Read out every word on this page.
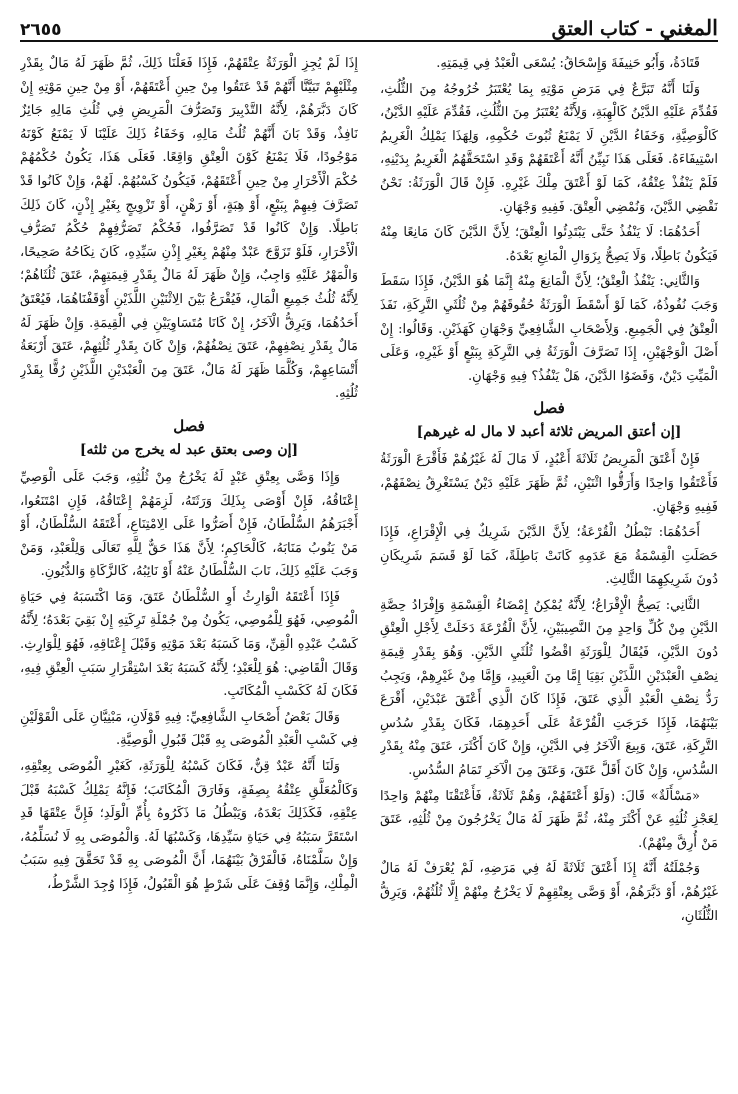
المغني - كتاب العتق
٢٦٥٥

قَتَادَةُ، وَأَبُو حَنِيفَةَ وَإِسْحَاقُ: يُسْعَى الْعَبْدُ فِي قِيمَتِهِ.

وَلَنَا أَنَّهُ تَبَرَّعٌ فِي مَرَضِ مَوْتِهِ بِمَا يُعْتَبَرُ خُرُوجُهُ مِنَ الثُّلُثِ، فَقُدِّمَ عَلَيْهِ الدَّيْنُ كَالْهِبَةِ، وَلِأَنَّهُ يُعْتَبَرُ مِنَ الثُّلُثِ، فَقُدِّمَ عَلَيْهِ الدَّيْنُ، كَالْوَصِيَّةِ، وَخَفَاءُ الدَّيْنِ لَا يَمْنَعُ ثُبُوتَ حُكْمِهِ، وَلِهَذَا يَمْلِكُ الْغَرِيمُ اسْتِيفَاءَهُ. فَعَلَى هَذَا نَبِيِّنُ أَنَّهُ أَعْتَقَهُمْ وَقَدِ اسْتَحَقَّهُمُ الْغَرِيمُ بِدَيْنِهِ، فَلَمْ يَنْفُذْ عِتْقُهُ، كَمَا لَوْ أَعْتَقَ مِلْكَ غَيْرِهِ. فَإِنْ قَالَ الْوَرَثَةُ: نَحْنُ نَقْضِي الدَّيْنَ، وَنُمْضِي الْعِتْقَ. فَفِيهِ وَجْهَانِ.

أَحَدُهُمَا: لَا يَنْفُذُ حَتَّى يَبْتَدِئُوا الْعِتْقَ؛ لِأَنَّ الدَّيْنَ كَانَ مَانِعًا مِنْهُ فَيَكُونُ بَاطِلًا، وَلَا يَصِحُّ بِزَوَالِ الْمَانِعِ بَعْدَهُ.

وَالثَّانِي: يَنْفُذُ الْعِتْقُ؛ لِأَنَّ الْمَانِعَ مِنْهُ إِنَّمَا هُوَ الدَّيْنُ، فَإِذَا سَقَطَ وَجَبَ نُفُوذُهُ، كَمَا لَوْ أَسْقَطَ الْوَرَثَةُ حُقُوقَهُمْ مِنْ ثُلُثَيِ التَّرِكَةِ، نَفَذَ الْعِتْقُ فِي الْجَمِيعِ. وَلِأَصْحَابِ الشَّافِعِيِّ وَجْهَانِ كَهَذَيْنِ. وَقَالُوا: إِنْ أَصْلَ الْوَجْهَيْنِ، إِذَا تَصَرَّفَ الْوَرَثَةُ فِي التَّرِكَةِ بِبَيْعٍ أَوْ غَيْرِهِ، وَعَلَى الْمَيِّتِ دَيْنٌ، وَقَضَوُا الدَّيْنَ، هَلْ يَنْفُذُ؟ فِيهِ وَجْهَانِ.

فصل
[إن أعتق المريض ثلاثة أعبد لا مال له غيرهم]

فَإِنْ أَعْتَقَ الْمَرِيضُ ثَلَاثَةَ أَعْبُدٍ، لَا مَالَ لَهُ غَيْرُهُمْ فَأَقْرَعَ الْوَرَثَةُ فَأَعْتَقُوا وَاحِدًا وَأَرَقُّوا اثْنَيْنِ، ثُمَّ ظَهَرَ عَلَيْهِ دَيْنٌ يَسْتَغْرِقُ نِصْفَهُمْ، فَفِيهِ وَجْهَانِ.

أَحَدُهُمَا: تَبْطُلُ الْقُرْعَةُ؛ لِأَنَّ الدَّيْنَ شَرِيكٌ فِي الْإِقْرَاعِ، فَإِذَا حَصَلَتِ الْقِسْمَةُ مَعَ عَدَمِهِ كَانَتْ بَاطِلَةً، كَمَا لَوْ قَسَمَ شَرِيكَانِ دُونَ شَرِيكِهِمَا الثَّالِثِ.

الثَّانِي: يَصِحُّ الْإِقْرَاعُ؛ لِأَنَّهُ يُمْكِنُ إِمْضَاءُ الْقِسْمَةِ وَإِفْرَادُ حِصَّةِ الدَّيْنِ مِنْ كُلِّ وَاحِدٍ مِنَ النَّصِيبَيْنِ، لِأَنَّ الْقُرْعَةَ دَخَلَتْ لِأَجْلِ الْعِتْقِ دُونَ الدَّيْنِ، فَيُقَالُ لِلْوَرَثَةِ اقْضُوا ثُلُثَيِ الدَّيْنِ. وَهُوَ بِقَدْرِ قِيمَةِ نِصْفِ الْعَبْدَيْنِ اللَّذَيْنِ بَقِيَا إِمَّا مِنَ الْعَبِيدِ، وَإِمَّا مِنْ غَيْرِهِمْ، وَيَجِبُ رَدُّ نِصْفِ الْعَبْدِ الَّذِي عَتَقَ، فَإِذَا كَانَ الَّذِي أَعْتَقَ عَبْدَيْنِ، أَقْرَعَ بَيْنَهُمَا، فَإِذَا خَرَجَتِ الْقُرْعَةُ عَلَى أَحَدِهِمَا، فَكَانَ بِقَدْرِ سُدُسِ التَّرِكَةِ، عَتَقَ، وَبِيعَ الْآخَرُ فِي الدَّيْنِ، وَإِنْ كَانَ أَكْثَرَ، عَتَقَ مِنْهُ بِقَدْرِ السُّدُسِ، وَإِنْ كَانَ أَقَلَّ عَتَقَ، وَعَتَقَ مِنَ الْآخَرِ تَمَامُ السُّدُسِ.

«مَسْأَلَةٌ» قَالَ: (وَلَوْ أَعْتَقَهُمْ، وَهُمْ ثَلَاثَةٌ، فَأَعْتَقْنَا مِنْهُمْ وَاحِدًا لِعَجْزِ ثُلُثِهِ عَنْ أَكْثَرَ مِنْهُ، ثُمَّ ظَهَرَ لَهُ مَالٌ يَخْرُجُونَ مِنْ ثُلُثِهِ، عَتَقَ مَنْ أُرِقَّ مِنْهُمْ).

وَجُمْلَتُهُ أَنَّهُ إِذَا أَعْتَقَ ثَلَاثَةً لَهُ فِي مَرَضِهِ، لَمْ يُعْرَفْ لَهُ مَالٌ غَيْرُهُمْ، أَوْ دَبَّرَهُمْ، أَوْ وَصَّى بِعِتْقِهِمْ لَا يَخْرُجُ مِنْهُمْ إِلَّا ثُلُثُهُمْ، وَيَرِقُّ الثُّلُثَانِ،

إِذَا لَمْ يُجِزِ الْوَرَثَةُ عِتْقَهُمْ، فَإِذَا فَعَلْنَا ذَلِكَ، ثُمَّ ظَهَرَ لَهُ مَالٌ بِقَدْرِ مِثْلَيْهِمْ تَبَيَّنَّا أَنَّهُمْ قَدْ عَتَقُوا مِنْ حِينِ أَعْتَقَهُمْ، أَوْ مِنْ حِينِ مَوْتِهِ إِنْ كَانَ دَبَّرَهُمْ، لِأَنَّهُ التَّدْبِيرَ وَتَصَرُّفَ الْمَرِيضِ فِي ثُلُثِ مَالِهِ جَائِزٌ نَافِذٌ، وَقَدْ بَانَ أَنَّهُمْ ثُلُثُ مَالِهِ، وَخَفَاءُ ذَلِكَ عَلَيْنَا لَا يَمْنَعُ كَوْنَهُ مَوْجُودًا، فَلَا يَمْنَعُ كَوْنَ الْعِتْقِ وَاقِعًا. فَعَلَى هَذَا، يَكُونُ حُكْمُهُمْ حُكْمَ الْأَحْرَارِ مِنْ حِينِ أَعْتَقَهُمْ، فَيَكُونُ كَسْبُهُمْ. لَهُمْ، وَإِنْ كَانُوا قَدْ تَصَرَّفَ فِيهِمْ بِبَيْعٍ، أَوْ هِبَةٍ، أَوْ رَهْنٍ، أَوْ تَزْوِيجٍ بِغَيْرِ إِذْنٍ، كَانَ ذَلِكَ بَاطِلًا. وَإِنْ كَانُوا قَدْ تَصَرَّفُوا، فَحُكْمُ تَصَرُّفِهِمْ حُكْمُ تَصَرُّفِ الْأَحْرَارِ، فَلَوْ تَزَوَّجَ عَبْدٌ مِنْهُمْ بِغَيْرِ إِذْنِ سَيِّدِهِ، كَانَ نِكَاحُهُ صَحِيحًا، وَالْمَهْرُ عَلَيْهِ وَاجِبٌ، وَإِنْ ظَهَرَ لَهُ مَالٌ بِقَدْرِ قِيمَتِهِمْ، عَتَقَ ثُلُثَاهُمْ؛ لِأَنَّهُ ثُلُثُ جَمِيعِ الْمَالِ، فَيُقْرَعُ بَيْنَ الِاثْنَيْنِ اللَّذَيْنِ أَوْقَفْنَاهُمَا، فَيُعْتَقُ أَحَدُهُمَا، وَيَرِقُّ الْآخَرُ، إِنْ كَانَا مُتَسَاوِيَيْنِ فِي الْقِيمَةِ. وَإِنْ ظَهَرَ لَهُ مَالٌ بِقَدْرِ نِصْفِهِمْ، عَتَقَ نِصْفُهُمْ، وَإِنْ كَانَ بِقَدْرِ ثُلُثِهِمْ، عَتَقَ أَرْبَعَةُ أَتْسَاعِهِمْ، وَكُلَّمَا ظَهَرَ لَهُ مَالٌ، عَتَقَ مِنَ الْعَبْدَيْنِ اللَّذَيْنِ رُقًّا بِقَدْرِ ثُلُثِهِ.

فصل
[إن وصى بعتق عبد له يخرج من ثلثه]

وَإِذَا وَصَّى بِعِتْقِ عَبْدٍ لَهُ يَخْرُجُ مِنْ ثُلُثِهِ، وَجَبَ عَلَى الْوَصِيِّ إِعْتَاقُهُ، فَإِنْ أَوْصَى بِذَلِكَ وَرَثَتَهُ، لَزِمَهُمْ إِعْتَاقُهُ، فَإِنِ امْتَنَعُوا، أَجْبَرَهُمُ السُّلْطَانُ، فَإِنْ أَصَرُّوا عَلَى الِامْتِنَاعِ، أَعْتَقَهُ السُّلْطَانُ، أَوْ مَنْ يَنُوبُ مَنَابَهُ، كَالْحَاكِمِ؛ لِأَنَّ هَذَا حَقٌّ لِلَّهِ تَعَالَى وَلِلْعَبْدِ، وَمَنْ وَجَبَ عَلَيْهِ ذَلِكَ، نَابَ السُّلْطَانُ عَنْهُ أَوْ نَائِبُهُ، كَالزَّكَاةِ وَالدُّيُونِ.

فَإِذَا أَعْتَقَهُ الْوَارِثُ أَوِ السُّلْطَانُ عَتَقَ، وَمَا اكْتَسَبَهُ فِي حَيَاةِ الْمُوصِي، فَهُوَ لِلْمُوصِي، يَكُونُ مِنْ جُمْلَةِ تَرِكَتِهِ إِنْ بَقِيَ بَعْدَهُ؛ لِأَنَّهُ كَسْبُ عَبْدِهِ الْقِنِّ، وَمَا كَسَبَهُ بَعْدَ مَوْتِهِ وَقَبْلَ إِعْتَاقِهِ، فَهُوَ لِلْوَارِثِ. وَقَالَ الْقَاضِي: هُوَ لِلْعَبْدِ؛ لِأَنَّهُ كَسَبَهُ بَعْدَ اسْتِقْرَارِ سَبَبِ الْعِتْقِ فِيهِ، فَكَانَ لَهُ كَكَسْبِ الْمُكَاتَبِ.

وَقَالَ بَعْضُ أَصْحَابِ الشَّافِعِيِّ: فِيهِ قَوْلَانِ، مَبْنِيَّانِ عَلَى الْقَوْلَيْنِ فِي كَسْبِ الْعَبْدِ الْمُوصَى بِهِ قَبْلَ قَبُولِ الْوَصِيَّةِ.

وَلَنَا أَنَّهُ عَبْدٌ قِنٌّ، فَكَانَ كَسْبُهُ لِلْوَرَثَةِ، كَغَيْرِ الْمُوصَى بِعِتْقِهِ، وَكَالْمُعَلَّقِ عِتْقُهُ بِصِفَةٍ، وَفَارَقَ الْمُكَاتَبَ؛ فَإِنَّهُ يَمْلِكُ كَسْبَهُ قَبْلَ عِتْقِهِ، فَكَذَلِكَ بَعْدَهُ، وَيَبْطُلُ مَا ذَكَرُوهُ بِأُمِّ الْوَلَدِ؛ فَإِنَّ عِتْقَهَا قَدِ اسْتَقَرَّ سَبَبُهُ فِي حَيَاةِ سَيِّدِهَا، وَكَسْبُهَا لَهُ. وَالْمُوصَى بِهِ لَا نُسَلِّمُهُ، وَإِنْ سَلَّمْنَاهُ، فَالْفَرْقُ بَيْنَهُمَا، أَنَّ الْمُوصَى بِهِ قَدْ تَحَقَّقَ فِيهِ سَبَبُ الْمِلْكِ، وَإِنَّمَا وُقِفَ عَلَى شَرْطٍ هُوَ الْقَبُولُ، فَإِذَا وُجِدَ الشَّرْطُ،
